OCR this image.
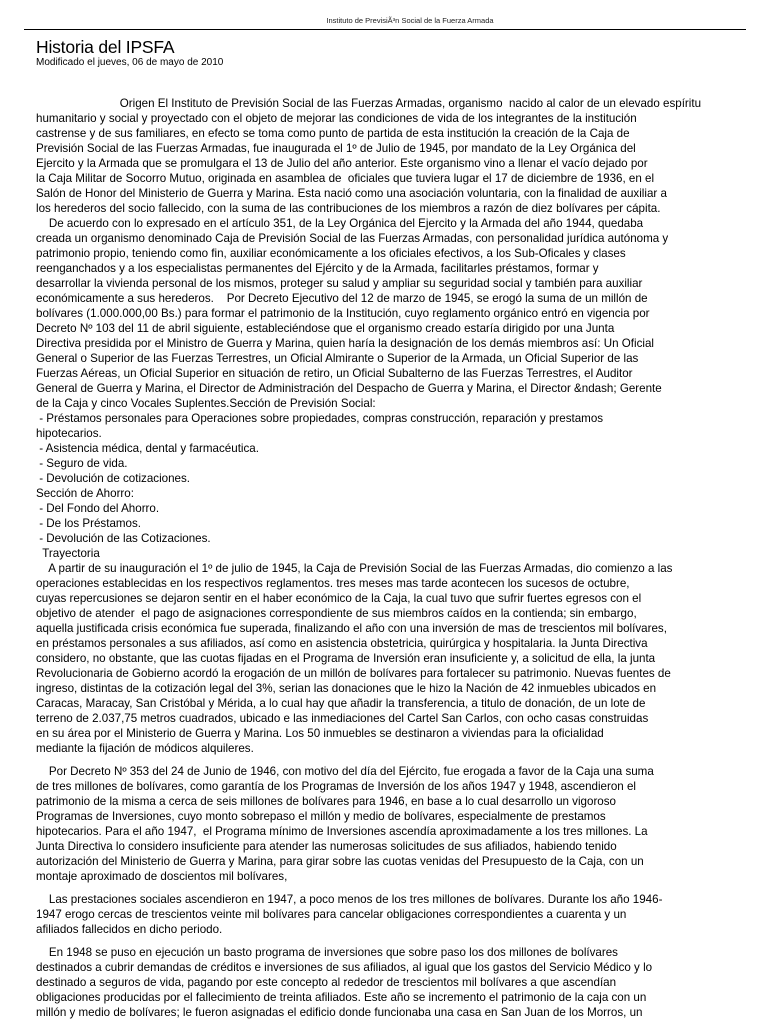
Instituto de PrevisiÃ³n Social de la Fuerza Armada
Historia del IPSFA
Modificado el jueves, 06 de mayo de 2010
Origen El Instituto de Previsión Social de las Fuerzas Armadas, organismo  nacido al calor de un elevado espíritu
humanitario y social y proyectado con el objeto de mejorar las condiciones de vida de los integrantes de la institución
castrense y de sus familiares, en efecto se toma como punto de partida de esta institución la creación de la Caja de
Previsión Social de las Fuerzas Armadas, fue inaugurada el 1º de Julio de 1945, por mandato de la Ley Orgánica del
Ejercito y la Armada que se promulgara el 13 de Julio del año anterior. Este organismo vino a llenar el vacío dejado por
la Caja Militar de Socorro Mutuo, originada en asamblea de  oficiales que tuviera lugar el 17 de diciembre de 1936, en el
Salón de Honor del Ministerio de Guerra y Marina. Esta nació como una asociación voluntaria, con la finalidad de auxiliar a
los herederos del socio fallecido, con la suma de las contribuciones de los miembros a razón de diez bolívares per cápita.
De acuerdo con lo expresado en el artículo 351, de la Ley Orgánica del Ejercito y la Armada del año 1944, quedaba
creada un organismo denominado Caja de Previsión Social de las Fuerzas Armadas, con personalidad jurídica autónoma y
patrimonio propio, teniendo como fin, auxiliar económicamente a los oficiales efectivos, a los Sub-Oficales y clases
reenganchados y a los especialistas permanentes del Ejército y de la Armada, facilitarles préstamos, formar y
desarrollar la vivienda personal de los mismos, proteger su salud y ampliar su seguridad social y también para auxiliar
económicamente a sus herederos.    Por Decreto Ejecutivo del 12 de marzo de 1945, se erogó la suma de un millón de
bolívares (1.000.000,00 Bs.) para formar el patrimonio de la Institución, cuyo reglamento orgánico entró en vigencia por
Decreto Nº 103 del 11 de abril siguiente, estableciéndose que el organismo creado estaría dirigido por una Junta
Directiva presidida por el Ministro de Guerra y Marina, quien haría la designación de los demás miembros así: Un Oficial
General o Superior de las Fuerzas Terrestres, un Oficial Almirante o Superior de la Armada, un Oficial Superior de las
Fuerzas Aéreas, un Oficial Superior en situación de retiro, un Oficial Subalterno de las Fuerzas Terrestres, el Auditor
General de Guerra y Marina, el Director de Administración del Despacho de Guerra y Marina, el Director &ndash; Gerente
de la Caja y cinco Vocales Suplentes.Sección de Previsión Social:
- Préstamos personales para Operaciones sobre propiedades, compras construcción, reparación y prestamos
hipotecarios.
- Asistencia médica, dental y farmacéutica.
- Seguro de vida.
- Devolución de cotizaciones.
Sección de Ahorro:
- Del Fondo del Ahorro.
- De los Préstamos.
- Devolución de las Cotizaciones.
Trayectoria
A partir de su inauguración el 1º de julio de 1945, la Caja de Previsión Social de las Fuerzas Armadas, dio comienzo a las
operaciones establecidas en los respectivos reglamentos. tres meses mas tarde acontecen los sucesos de octubre,
cuyas repercusiones se dejaron sentir en el haber económico de la Caja, la cual tuvo que sufrir fuertes egresos con el
objetivo de atender  el pago de asignaciones correspondiente de sus miembros caídos en la contienda; sin embargo,
aquella justificada crisis económica fue superada, finalizando el año con una inversión de mas de trescientos mil bolívares,
en préstamos personales a sus afiliados, así como en asistencia obstetricia, quirúrgica y hospitalaria. la Junta Directiva
considero, no obstante, que las cuotas fijadas en el Programa de Inversión eran insuficiente y, a solicitud de ella, la junta
Revolucionaria de Gobierno acordó la erogación de un millón de bolívares para fortalecer su patrimonio. Nuevas fuentes de
ingreso, distintas de la cotización legal del 3%, serian las donaciones que le hizo la Nación de 42 inmuebles ubicados en
Caracas, Maracay, San Cristóbal y Mérida, a lo cual hay que añadir la transferencia, a titulo de donación, de un lote de
terreno de 2.037,75 metros cuadrados, ubicado e las inmediaciones del Cartel San Carlos, con ocho casas construidas
en su área por el Ministerio de Guerra y Marina. Los 50 inmuebles se destinaron a viviendas para la oficialidad
mediante la fijación de módicos alquileres.
Por Decreto Nº 353 del 24 de Junio de 1946, con motivo del día del Ejército, fue erogada a favor de la Caja una suma
de tres millones de bolívares, como garantía de los Programas de Inversión de los años 1947 y 1948, ascendieron el
patrimonio de la misma a cerca de seis millones de bolívares para 1946, en base a lo cual desarrollo un vigoroso
Programas de Inversiones, cuyo monto sobrepaso el millón y medio de bolívares, especialmente de prestamos
hipotecarios. Para el año 1947,  el Programa mínimo de Inversiones ascendía aproximadamente a los tres millones. La
Junta Directiva lo considero insuficiente para atender las numerosas solicitudes de sus afiliados, habiendo tenido
autorización del Ministerio de Guerra y Marina, para girar sobre las cuotas venidas del Presupuesto de la Caja, con un
montaje aproximado de doscientos mil bolívares,
Las prestaciones sociales ascendieron en 1947, a poco menos de los tres millones de bolívares. Durante los año 1946-
1947 erogo cercas de trescientos veinte mil bolívares para cancelar obligaciones correspondientes a cuarenta y un
afiliados fallecidos en dicho periodo.
En 1948 se puso en ejecución un basto programa de inversiones que sobre paso los dos millones de bolívares
destinados a cubrir demandas de créditos e inversiones de sus afiliados, al igual que los gastos del Servicio Médico y lo
destinado a seguros de vida, pagando por este concepto al rededor de trescientos mil bolívares a que ascendían
obligaciones producidas por el fallecimiento de treinta afiliados. Este año se incremento el patrimonio de la caja con un
millón y medio de bolívares; le fueron asignadas el edificio donde funcionaba una casa en San Juan de los Morros, un
